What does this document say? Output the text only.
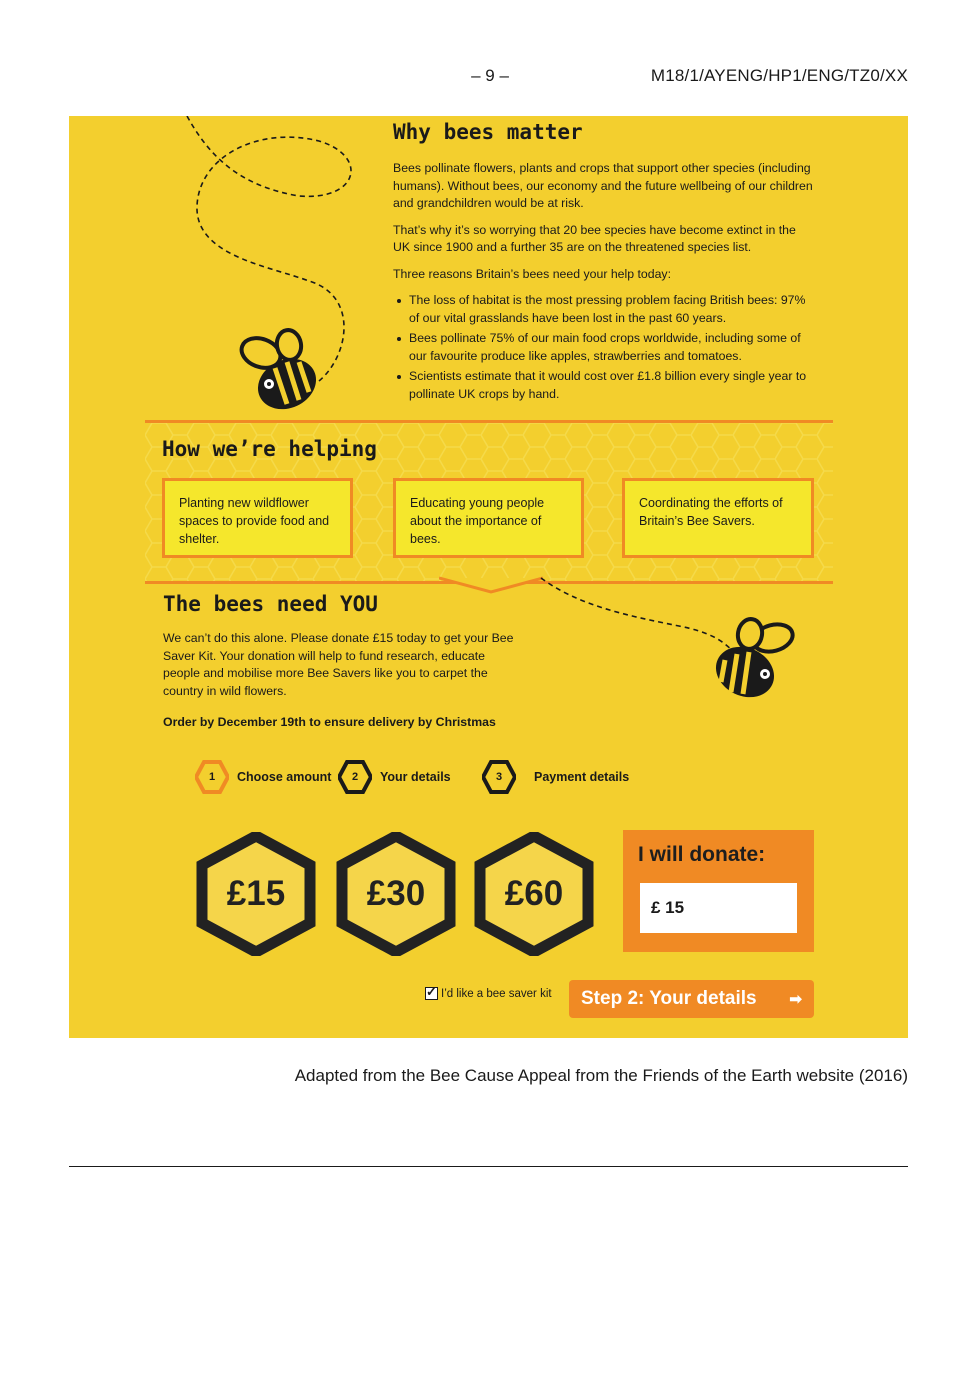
– 9 –	M18/1/AYENG/HP1/ENG/TZ0/XX
Why bees matter

Bees pollinate flowers, plants and crops that support other species (including humans). Without bees, our economy and the future wellbeing of our children and grandchildren would be at risk.

That’s why it’s so worrying that 20 bee species have become extinct in the UK since 1900 and a further 35 are on the threatened species list.

Three reasons Britain’s bees need your help today:

The loss of habitat is the most pressing problem facing British bees: 97% of our vital grasslands have been lost in the past 60 years.
Bees pollinate 75% of our main food crops worldwide, including some of our favourite produce like apples, strawberries and tomatoes.
Scientists estimate that it would cost over £1.8 billion every single year to pollinate UK crops by hand.
How we’re helping
Planting new wildflower spaces to provide food and shelter.
Educating young people about the importance of bees.
Coordinating the efforts of Britain’s Bee Savers.
The bees need YOU
We can’t do this alone. Please donate £15 today to get your Bee Saver Kit. Your donation will help to fund research, educate people and mobilise more Bee Savers like you to carpet the country in wild flowers.
Order by December 19th to ensure delivery by Christmas
1	Choose amount	2	Your details	3	Payment details
£15	£30	£60
I will donate:
£ 15
✓
I’d like a bee saver kit Step 2: Your details ➡
Adapted from the Bee Cause Appeal from the Friends of the Earth website (2016)
